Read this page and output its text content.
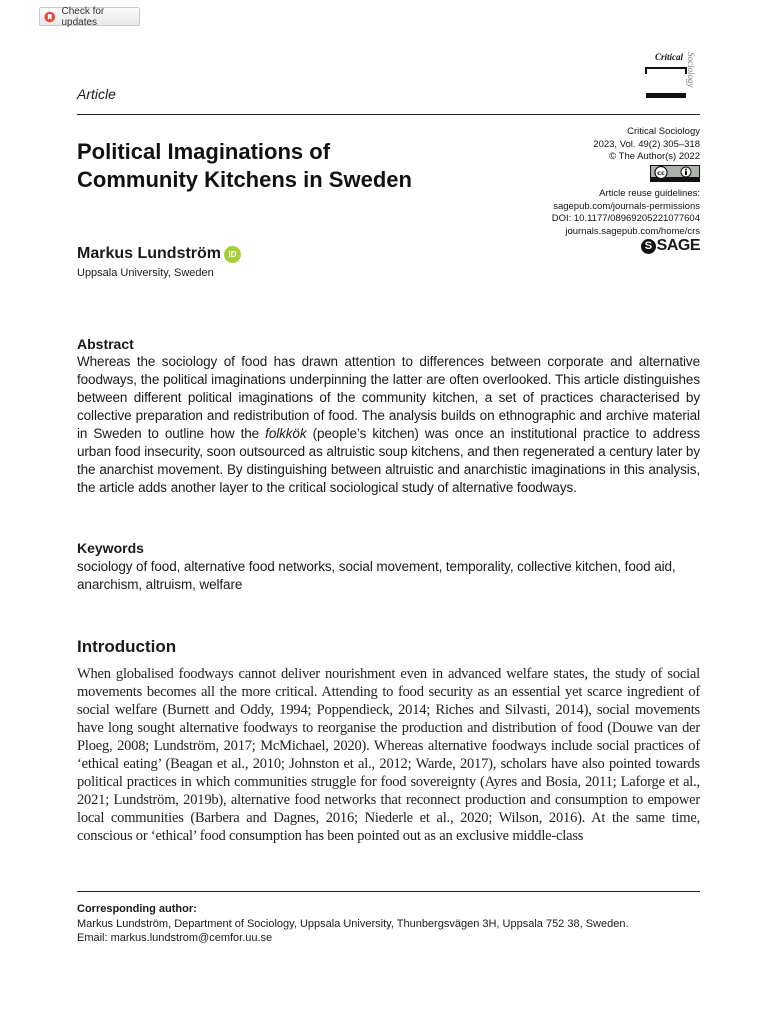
Check for updates
Critical Sociology
Article
Political Imaginations of
Community Kitchens in Sweden
Critical Sociology
2023, Vol. 49(2) 305–318
© The Author(s) 2022
cc
Article reuse guidelines:
sagepub.com/journals-permissions
DOI: 10.1177/08969205221077604
journals.sagepub.com/home/crs
S SAGE
Markus Lundström iD
Uppsala University, Sweden
Abstract
Whereas the sociology of food has drawn attention to differences between corporate and alternative foodways, the political imaginations underpinning the latter are often overlooked. This article distinguishes between different political imaginations of the community kitchen, a set of practices characterised by collective preparation and redistribution of food. The analysis builds on ethnographic and archive material in Sweden to outline how the folkkök (people’s kitchen) was once an institutional practice to address urban food insecurity, soon outsourced as altruistic soup kitchens, and then regenerated a century later by the anarchist movement. By distinguishing between altruistic and anarchistic imaginations in this analysis, the article adds another layer to the critical sociological study of alternative foodways.
Keywords
sociology of food, alternative food networks, social movement, temporality, collective kitchen, food aid, anarchism, altruism, welfare
Introduction
When globalised foodways cannot deliver nourishment even in advanced welfare states, the study of social movements becomes all the more critical. Attending to food security as an essential yet scarce ingredient of social welfare (Burnett and Oddy, 1994; Poppendieck, 2014; Riches and Silvasti, 2014), social movements have long sought alternative foodways to reorganise the production and distribution of food (Douwe van der Ploeg, 2008; Lundström, 2017; McMichael, 2020). Whereas alternative foodways include social practices of ‘ethical eating’ (Beagan et al., 2010; Johnston et al., 2012; Warde, 2017), scholars have also pointed towards political practices in which communities struggle for food sovereignty (Ayres and Bosia, 2011; Laforge et al., 2021; Lundström, 2019b), alternative food networks that reconnect production and consumption to empower local communities (Barbera and Dagnes, 2016; Niederle et al., 2020; Wilson, 2016). At the same time, conscious or ‘ethical’ food consumption has been pointed out as an exclusive middle-class
Corresponding author:
Markus Lundström, Department of Sociology, Uppsala University, Thunbergsvägen 3H, Uppsala 752 38, Sweden.
Email: markus.lundstrom@cemfor.uu.se
